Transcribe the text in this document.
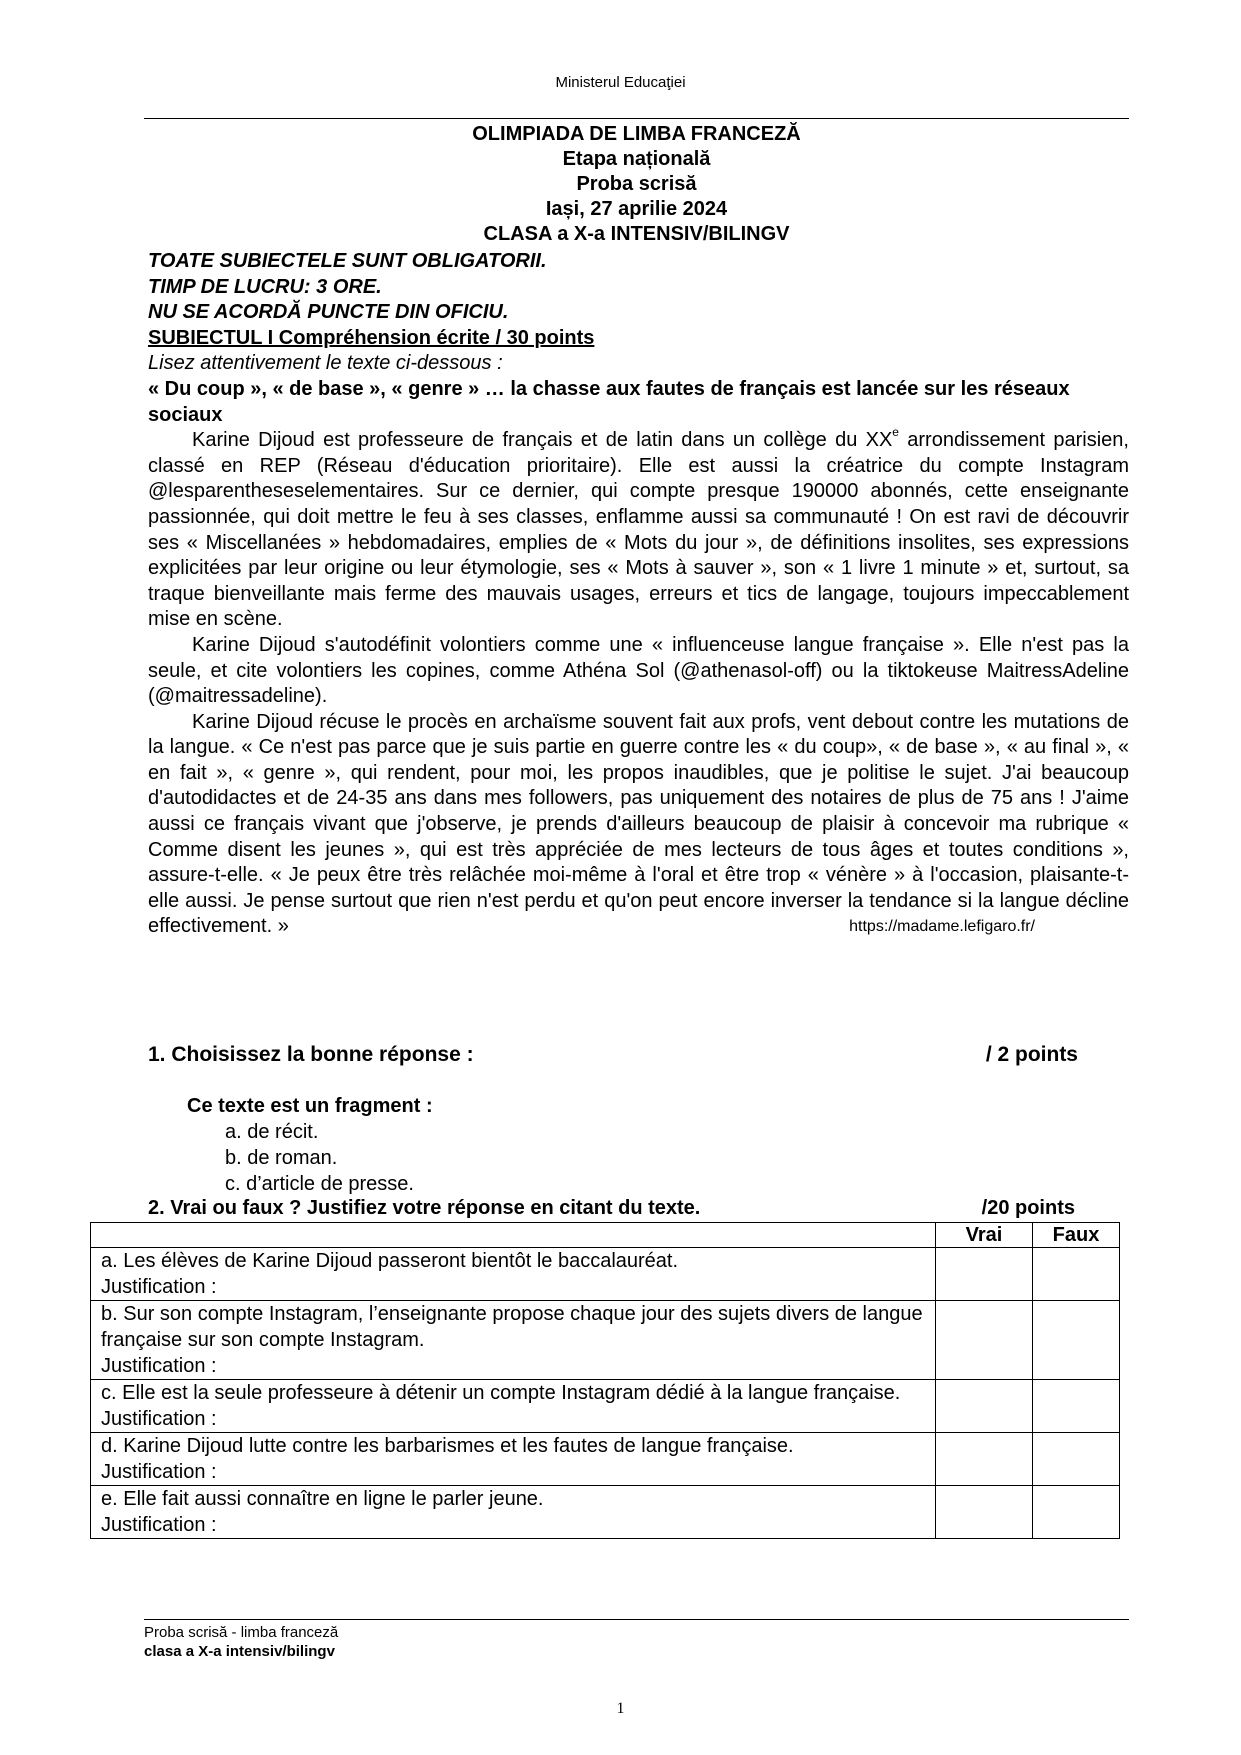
Ministerul Educaţiei
OLIMPIADA DE LIMBA FRANCEZĂ
Etapa națională
Proba scrisă
Iași, 27 aprilie 2024
CLASA a X-a INTENSIV/BILINGV

TOATE SUBIECTELE SUNT OBLIGATORII.

TIMP DE LUCRU: 3 ORE.

NU SE ACORDĂ PUNCTE DIN OFICIU.

SUBIECTUL I Compréhension écrite / 30 points

Lisez attentivement le texte ci-dessous :

« Du coup », « de base », « genre » … la chasse aux fautes de français est lancée sur les réseaux sociaux

Karine Dijoud est professeure de français et de latin dans un collège du XXe arrondissement parisien, classé en REP (Réseau d'éducation prioritaire). Elle est aussi la créatrice du compte Instagram @lesparentheseselementaires. Sur ce dernier, qui compte presque 190000 abonnés, cette enseignante passionnée, qui doit mettre le feu à ses classes, enflamme aussi sa communauté ! On est ravi de découvrir ses « Miscellanées » hebdomadaires, emplies de « Mots du jour », de définitions insolites, ses expressions explicitées par leur origine ou leur étymologie, ses « Mots à sauver », son « 1 livre 1 minute » et, surtout, sa traque bienveillante mais ferme des mauvais usages, erreurs et tics de langage, toujours impeccablement mise en scène.

Karine Dijoud s'autodéfinit volontiers comme une « influenceuse langue française ». Elle n'est pas la seule, et cite volontiers les copines, comme Athéna Sol (@athenasol-off) ou la tiktokeuse MaitressAdeline (@maitressadeline).

Karine Dijoud récuse le procès en archaïsme souvent fait aux profs, vent debout contre les mutations de la langue. « Ce n'est pas parce que je suis partie en guerre contre les « du coup», « de base », « au final », « en fait », « genre », qui rendent, pour moi, les propos inaudibles, que je politise le sujet. J'ai beaucoup d'autodidactes et de 24-35 ans dans mes followers, pas uniquement des notaires de plus de 75 ans ! J'aime aussi ce français vivant que j'observe, je prends d'ailleurs beaucoup de plaisir à concevoir ma rubrique « Comme disent les jeunes », qui est très appréciée de mes lecteurs de tous âges et toutes conditions », assure-t-elle. « Je peux être très relâchée moi-même à l'oral et être trop « vénère » à l'occasion, plaisante-t-elle aussi. Je pense surtout que rien n'est perdu et qu'on peut encore inverser la tendance si la langue décline effectivement. »	https://madame.lefigaro.fr/

1. Choisissez la bonne réponse :	/ 2 points
Ce texte est un fragment :
a. de récit.
b. de roman.
c. d’article de presse.
2. Vrai ou faux ? Justifiez votre réponse en citant du texte.	/20 points
	Vrai	Faux

a. Les élèves de Karine Dijoud passeront bientôt le baccalauréat.
Justification :		

b. Sur son compte Instagram, l’enseignante propose chaque jour des sujets divers de langue française sur son compte Instagram.
Justification :		

c. Elle est la seule professeure à détenir un compte Instagram dédié à la langue française.
Justification :		

d. Karine Dijoud lutte contre les barbarismes et les fautes de langue française.
Justification :		

e. Elle fait aussi connaître en ligne le parler jeune.
Justification :		

Proba scrisă - limba franceză
clasa a X-a intensiv/bilingv
1
